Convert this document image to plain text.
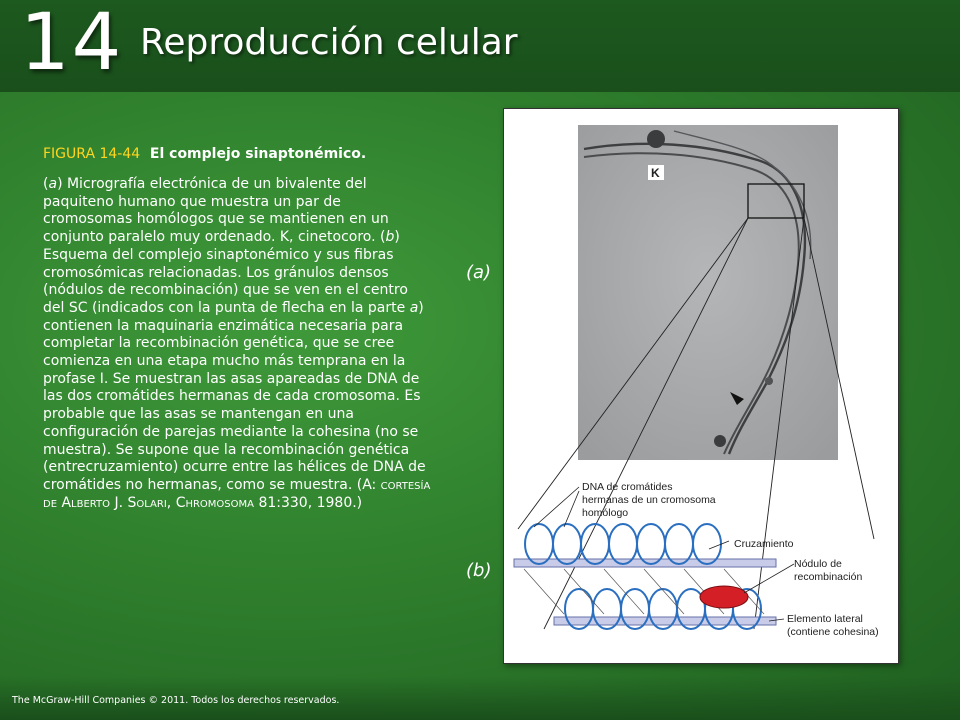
14 Reproducción celular

FIGURA 14-44 El complejo sinaptonémico.

(a) Micrografía electrónica de un bivalente del paquiteno humano que muestra un par de cromosomas homólogos que se mantienen en un conjunto paralelo muy ordenado. K, cinetocoro. (b) Esquema del complejo sinaptonémico y sus fibras cromosómicas relacionadas. Los gránulos densos (nódulos de recombinación) que se ven en el centro del SC (indicados con la punta de flecha en la parte a) contienen la maquinaria enzimática necesaria para completar la recombinación genética, que se cree comienza en una etapa mucho más temprana en la profase I. Se muestran las asas apareadas de DNA de las dos cromátides hermanas de cada cromosoma. Es probable que las asas se mantengan en una configuración de parejas mediante la cohesina (no se muestra). Se supone que la recombinación genética (entrecruzamiento) ocurre entre las hélices de DNA de cromátides no hermanas, como se muestra. (A: cortesía de Alberto J. Solari, Chromosoma 81:330, 1980.)

(a)
(b)
K
DNA de cromátides
hermanas de un cromosoma
homólogo
Cruzamiento
Nódulo de
recombinación
Elemento lateral
(contiene cohesina)
The McGraw-Hill Companies © 2011. Todos los derechos reservados.
